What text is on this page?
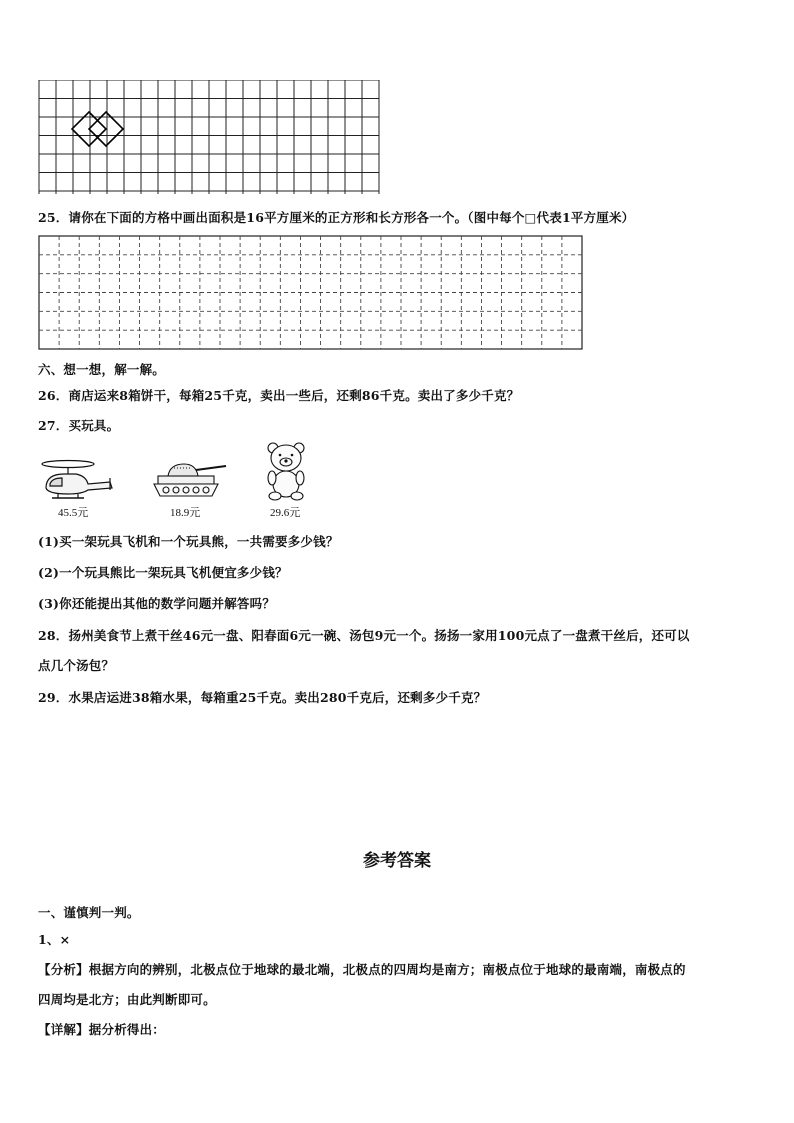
25．请你在下面的方格中画出面积是16平方厘米的正方形和长方形各一个。（图中每个□代表1平方厘米）
六、想一想，解一解。
26．商店运来8箱饼干，每箱25千克，卖出一些后，还剩86千克。卖出了多少千克？
27．买玩具。
45.5元	18.9元	29.6元
(1)买一架玩具飞机和一个玩具熊，一共需要多少钱？
(2)一个玩具熊比一架玩具飞机便宜多少钱？
(3)你还能提出其他的数学问题并解答吗？
28．扬州美食节上煮干丝46元一盘、阳春面6元一碗、汤包9元一个。扬扬一家用100元点了一盘煮干丝后，还可以
点几个汤包？
29．水果店运进38箱水果，每箱重25千克。卖出280千克后，还剩多少千克？
参考答案
一、谨慎判一判。
1、×
【分析】根据方向的辨别，北极点位于地球的最北端，北极点的四周均是南方；南极点位于地球的最南端，南极点的
四周均是北方；由此判断即可。
【详解】据分析得出：
